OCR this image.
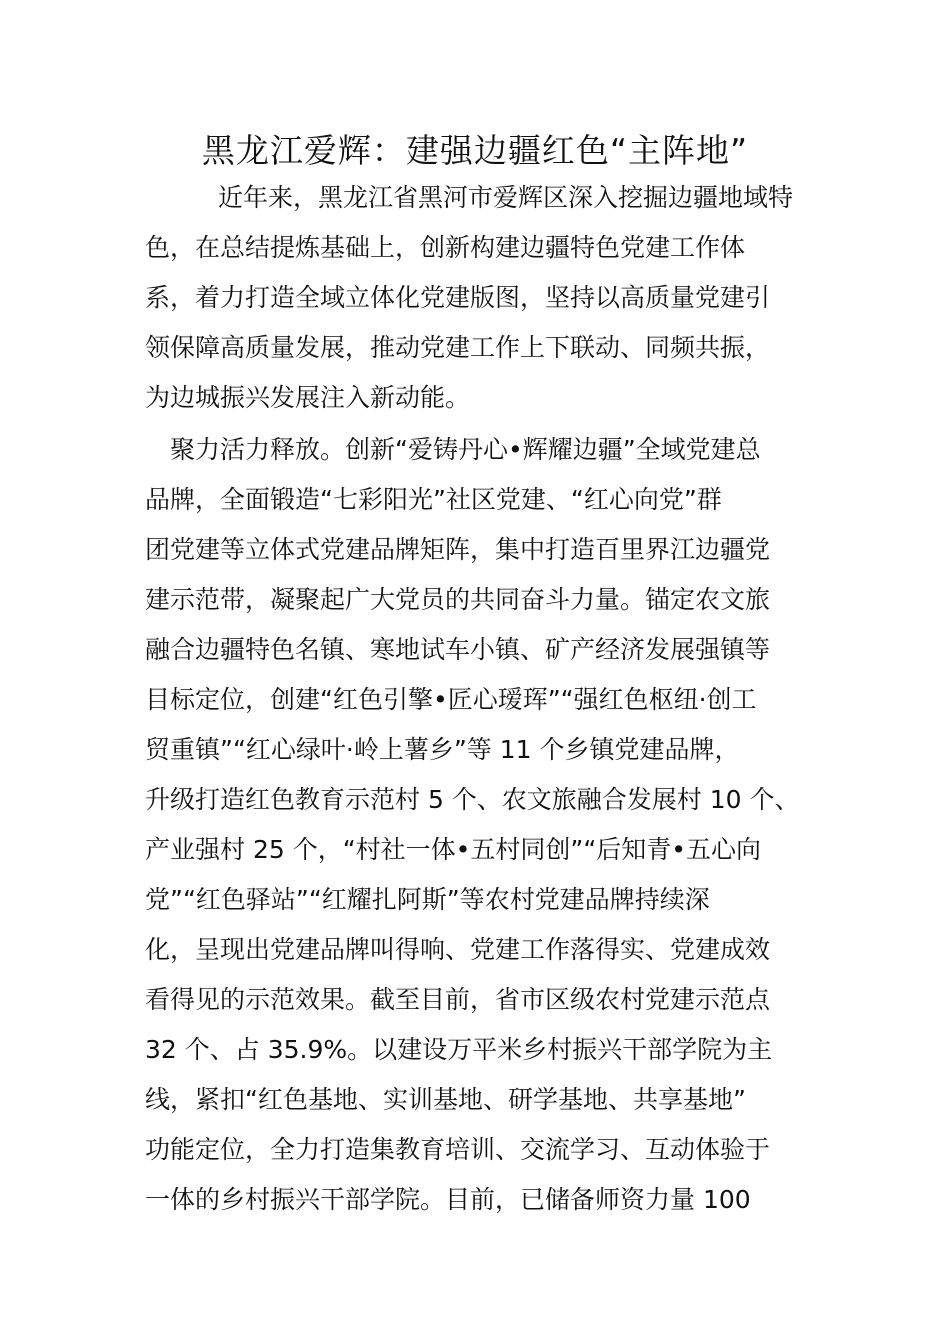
黑龙江爱辉：建强边疆红色“主阵地”
近年来，黑龙江省黑河市爱辉区深入挖掘边疆地域特
色，在总结提炼基础上，创新构建边疆特色党建工作体
系，着力打造全域立体化党建版图，坚持以高质量党建引
领保障高质量发展，推动党建工作上下联动、同频共振，
为边城振兴发展注入新动能。
聚力活力释放。创新“爱铸丹心•辉耀边疆”全域党建总
品牌，全面锻造“七彩阳光”社区党建、“红心向党”群
团党建等立体式党建品牌矩阵，集中打造百里界江边疆党
建示范带，凝聚起广大党员的共同奋斗力量。锚定农文旅
融合边疆特色名镇、寒地试车小镇、矿产经济发展强镇等
目标定位，创建“红色引擎•匠心瑷珲”“强红色枢纽·创工
贸重镇”“红心绿叶·岭上薯乡”等 11 个乡镇党建品牌，
升级打造红色教育示范村 5 个、农文旅融合发展村 10 个、
产业强村 25 个，“村社一体•五村同创”“后知青•五心向
党”“红色驿站”“红耀扎阿斯”等农村党建品牌持续深
化，呈现出党建品牌叫得响、党建工作落得实、党建成效
看得见的示范效果。截至目前，省市区级农村党建示范点
32 个、占 35.9%。以建设万平米乡村振兴干部学院为主
线，紧扣“红色基地、实训基地、研学基地、共享基地”
功能定位，全力打造集教育培训、交流学习、互动体验于
一体的乡村振兴干部学院。目前，已储备师资力量 100
